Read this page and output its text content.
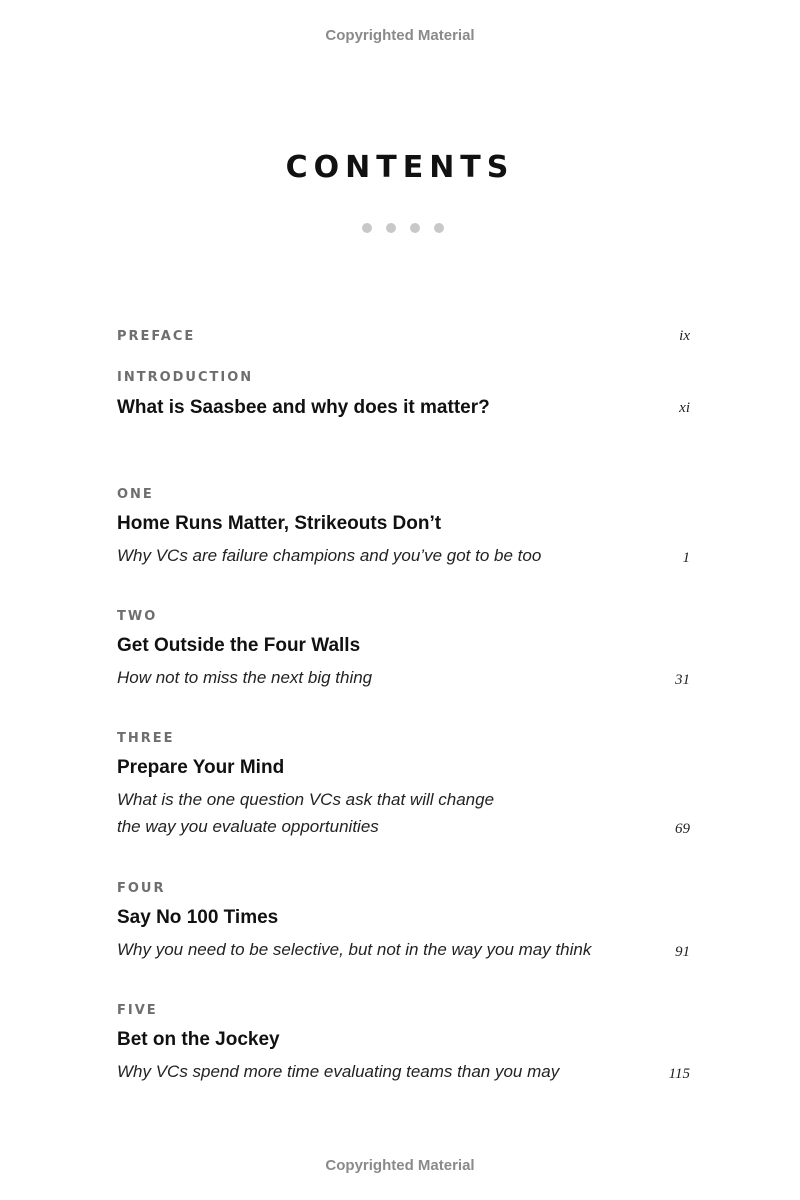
Copyrighted Material
CONTENTS
PREFACE	ix
INTRODUCTION
What is Saasbee and why does it matter?	xi
ONE
Home Runs Matter, Strikeouts Don’t
Why VCs are failure champions and you’ve got to be too	1
TWO
Get Outside the Four Walls
How not to miss the next big thing	31
THREE
Prepare Your Mind
What is the one question VCs ask that will change
the way you evaluate opportunities	69
FOUR
Say No 100 Times
Why you need to be selective, but not in the way you may think	91
FIVE
Bet on the Jockey
Why VCs spend more time evaluating teams than you may	115
Copyrighted Material
